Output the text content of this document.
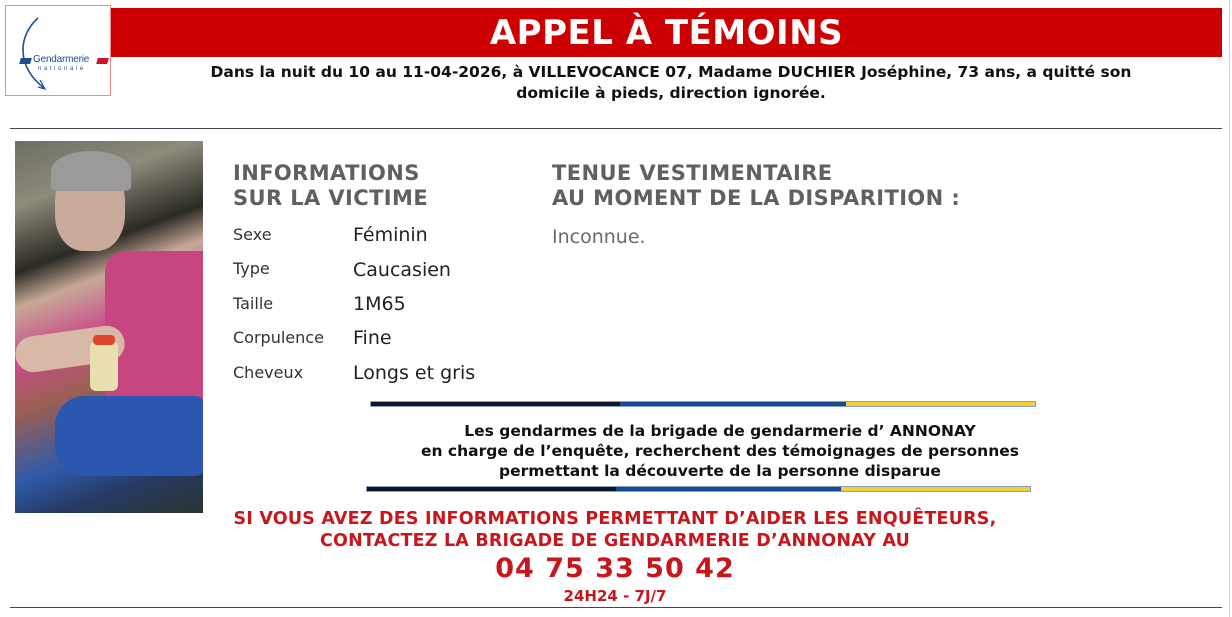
Gendarmerie
nationale
APPEL À TÉMOINS
Dans la nuit du 10 au 11-04-2026, à VILLEVOCANCE 07, Madame DUCHIER Joséphine, 73 ans, a quitté son
domicile à pieds, direction ignorée.
INFORMATIONS
SUR LA VICTIME
Sexe	Féminin
Type	Caucasien
Taille	1M65
Corpulence Fine
Cheveux	Longs et gris
TENUE VESTIMENTAIRE
AU MOMENT DE LA DISPARITION :
Inconnue.
Les gendarmes de la brigade de gendarmerie d’ ANNONAY
en charge de l’enquête, recherchent des témoignages de personnes
permettant la découverte de la personne disparue
SI VOUS AVEZ DES INFORMATIONS PERMETTANT D’AIDER LES ENQUÊTEURS,
CONTACTEZ LA BRIGADE DE GENDARMERIE D’ANNONAY AU
04 75 33 50 42
24H24 - 7J/7
